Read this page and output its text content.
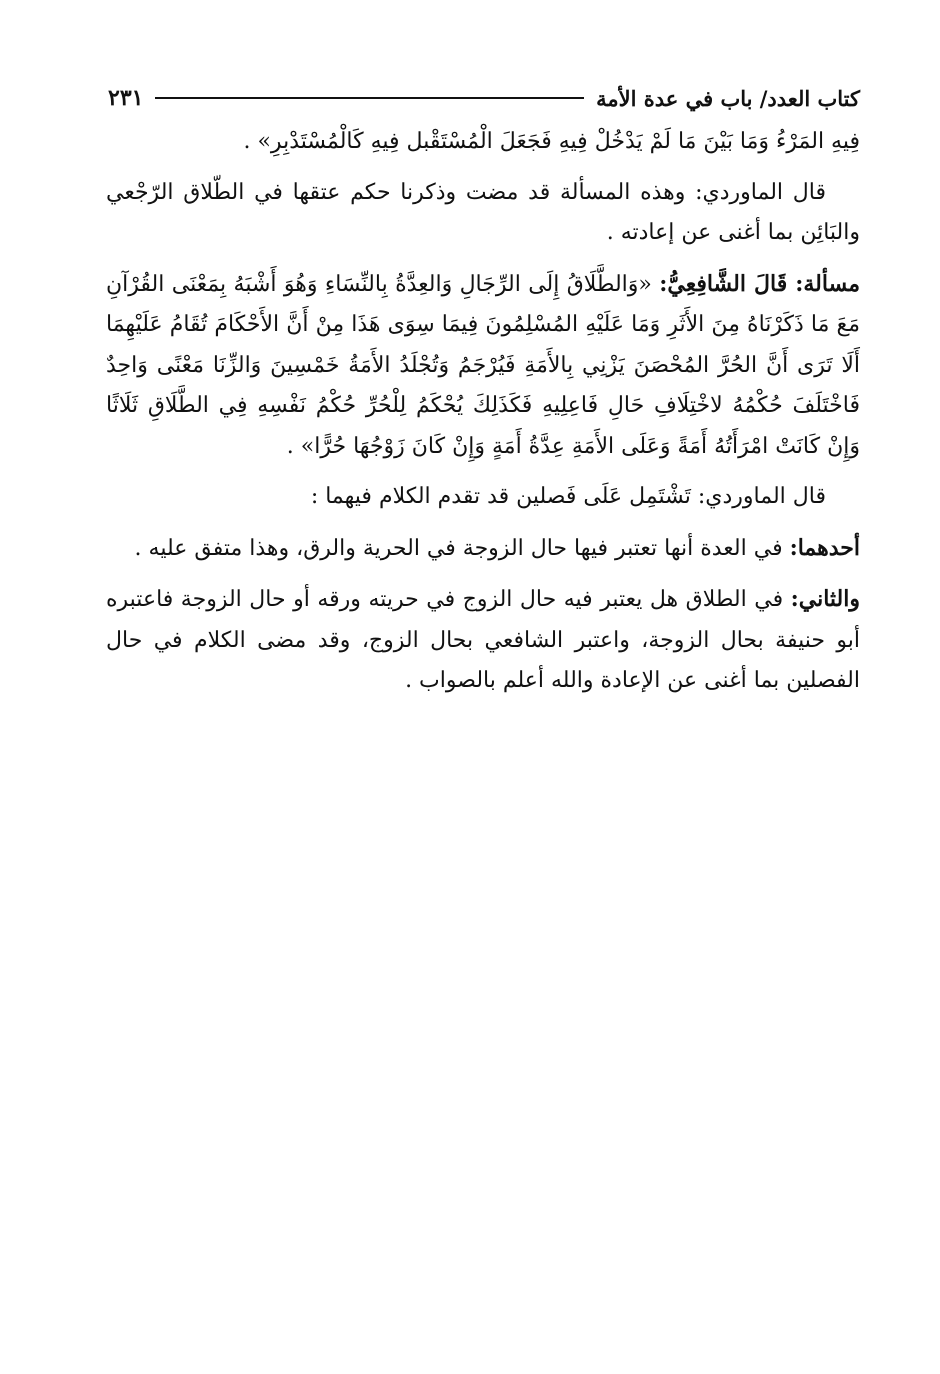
كتاب العدد/ باب في عدة الأمة
٢٣١

فِيهِ المَرْءُ وَمَا بَيْنَ مَا لَمْ يَدْخُلْ فِيهِ فَجَعَلَ الْمُسْتَقْبل فِيهِ كَالْمُسْتَدْبِرِ» .

قال الماوردي: وهذه المسألة قد مضت وذكرنا حكم عتقها في الطّلاق الرّجْعي والبَائِن بما أغنى عن إعادته .

مسألة: قَالَ الشَّافِعِيُّ: «وَالطَّلَاقُ إِلَى الرِّجَالِ وَالعِدَّةُ بِالنِّسَاءِ وَهُوَ أَشْبَهُ بِمَعْنَى القُرْآنِ مَعَ مَا ذَكَرْنَاهُ مِنَ الأَثَرِ وَمَا عَلَيْهِ المُسْلِمُونَ فِيمَا سِوَى هَذَا مِنْ أَنَّ الأَحْكَامَ تُقَامُ عَلَيْهِمَا أَلَا تَرَى أَنَّ الحُرَّ المُحْصَنَ يَزْنِي بِالأَمَةِ فَيُرْجَمُ وَتُجْلَدُ الأَمَةُ خَمْسِينَ وَالزِّنَا مَعْنًى وَاحِدٌ فَاخْتَلَفَ حُكْمُهُ لاخْتِلَافِ حَالِ فَاعِلِيهِ فَكَذَلِكَ يُحْكَمُ لِلْحُرِّ حُكْمُ نَفْسِهِ فِي الطَّلَاقِ ثَلَاثًا وَإِنْ كَانَتْ امْرَأَتُهُ أَمَةً وَعَلَى الأَمَةِ عِدَّةُ أَمَةٍ وَإِنْ كَانَ زَوْجُهَا حُرًّا» .

قال الماوردي: تَشْتَمِل عَلَى فَصلين قد تقدم الكلام فيهما :

أحدهما: في العدة أنها تعتبر فيها حال الزوجة في الحرية والرق، وهذا متفق عليه .

والثاني: في الطلاق هل يعتبر فيه حال الزوج في حريته ورقه أو حال الزوجة فاعتبره أبو حنيفة بحال الزوجة، واعتبر الشافعي بحال الزوج، وقد مضى الكلام في حال الفصلين بما أغنى عن الإعادة والله أعلم بالصواب .
